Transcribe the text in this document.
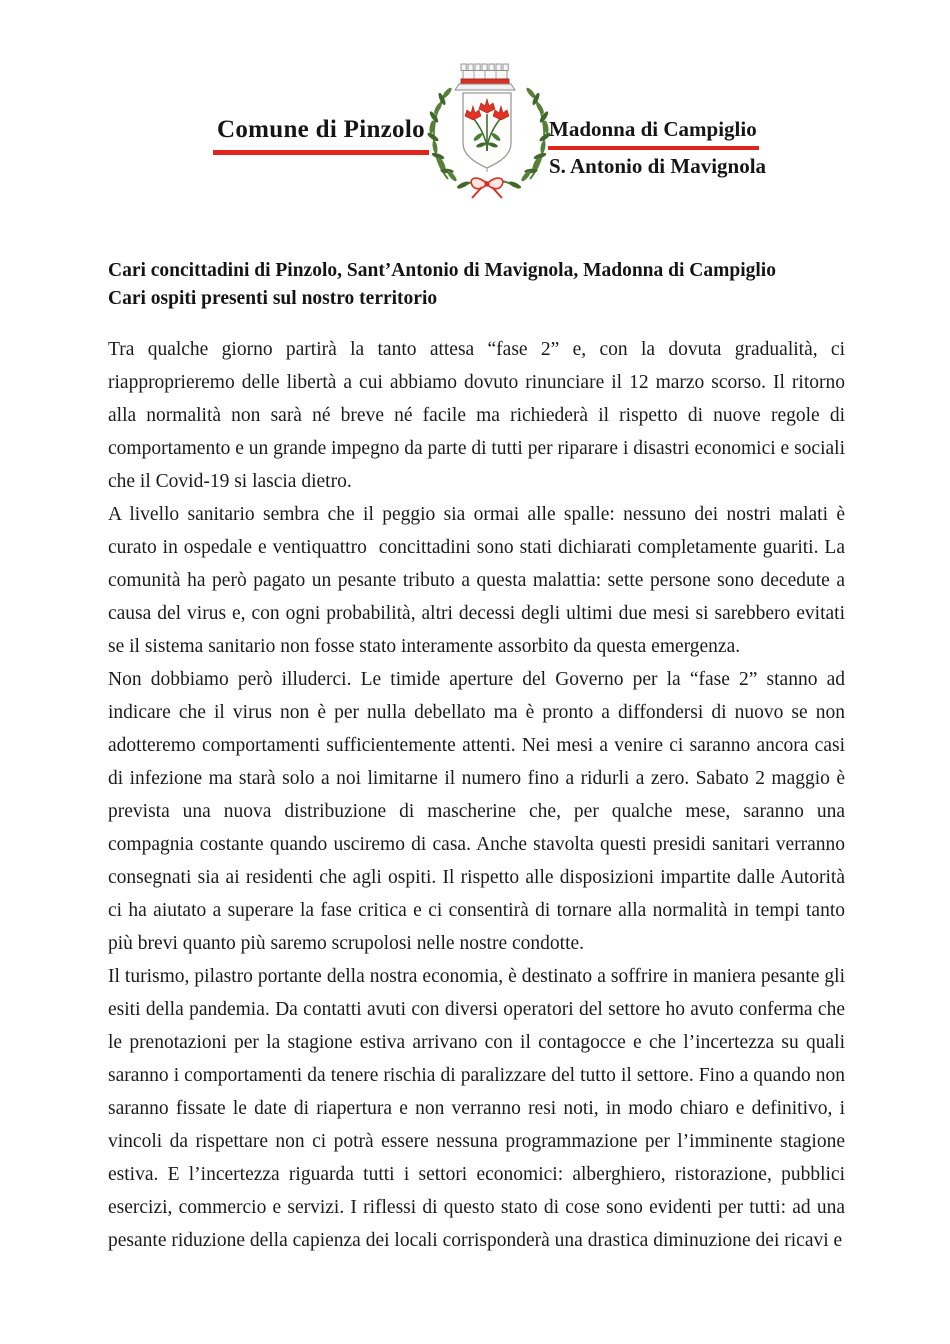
Comune di Pinzolo	Madonna di Campiglio
S. Antonio di Mavignola
Cari concittadini di Pinzolo, Sant’Antonio di Mavignola, Madonna di Campiglio
Cari ospiti presenti sul nostro territorio

Tra qualche giorno partirà la tanto attesa “fase 2” e, con la dovuta gradualità, ci riapproprieremo delle libertà a cui abbiamo dovuto rinunciare il 12 marzo scorso. Il ritorno alla normalità non sarà né breve né facile ma richiederà il rispetto di nuove regole di comportamento e un grande impegno da parte di tutti per riparare i disastri economici e sociali che il Covid-19 si lascia dietro.

A livello sanitario sembra che il peggio sia ormai alle spalle: nessuno dei nostri malati è curato in ospedale e ventiquattro  concittadini sono stati dichiarati completamente guariti. La comunità ha però pagato un pesante tributo a questa malattia: sette persone sono decedute a causa del virus e, con ogni probabilità, altri decessi degli ultimi due mesi si sarebbero evitati se il sistema sanitario non fosse stato interamente assorbito da questa emergenza.

Non dobbiamo però illuderci. Le timide aperture del Governo per la “fase 2” stanno ad indicare che il virus non è per nulla debellato ma è pronto a diffondersi di nuovo se non adotteremo comportamenti sufficientemente attenti. Nei mesi a venire ci saranno ancora casi di infezione ma starà solo a noi limitarne il numero fino a ridurli a zero. Sabato 2 maggio è prevista una nuova distribuzione di mascherine che, per qualche mese, saranno una compagnia costante quando usciremo di casa. Anche stavolta questi presidi sanitari verranno consegnati sia ai residenti che agli ospiti. Il rispetto alle disposizioni impartite dalle Autorità ci ha aiutato a superare la fase critica e ci consentirà di tornare alla normalità in tempi tanto più brevi quanto più saremo scrupolosi nelle nostre condotte.

Il turismo, pilastro portante della nostra economia, è destinato a soffrire in maniera pesante gli esiti della pandemia. Da contatti avuti con diversi operatori del settore ho avuto conferma che le prenotazioni per la stagione estiva arrivano con il contagocce e che l’incertezza su quali saranno i comportamenti da tenere rischia di paralizzare del tutto il settore. Fino a quando non saranno fissate le date di riapertura e non verranno resi noti, in modo chiaro e definitivo, i vincoli da rispettare non ci potrà essere nessuna programmazione per l’imminente stagione estiva. E l’incertezza riguarda tutti i settori economici: alberghiero, ristorazione, pubblici esercizi, commercio e servizi. I riflessi di questo stato di cose sono evidenti per tutti: ad una pesante riduzione della capienza dei locali corrisponderà una drastica diminuzione dei ricavi e
